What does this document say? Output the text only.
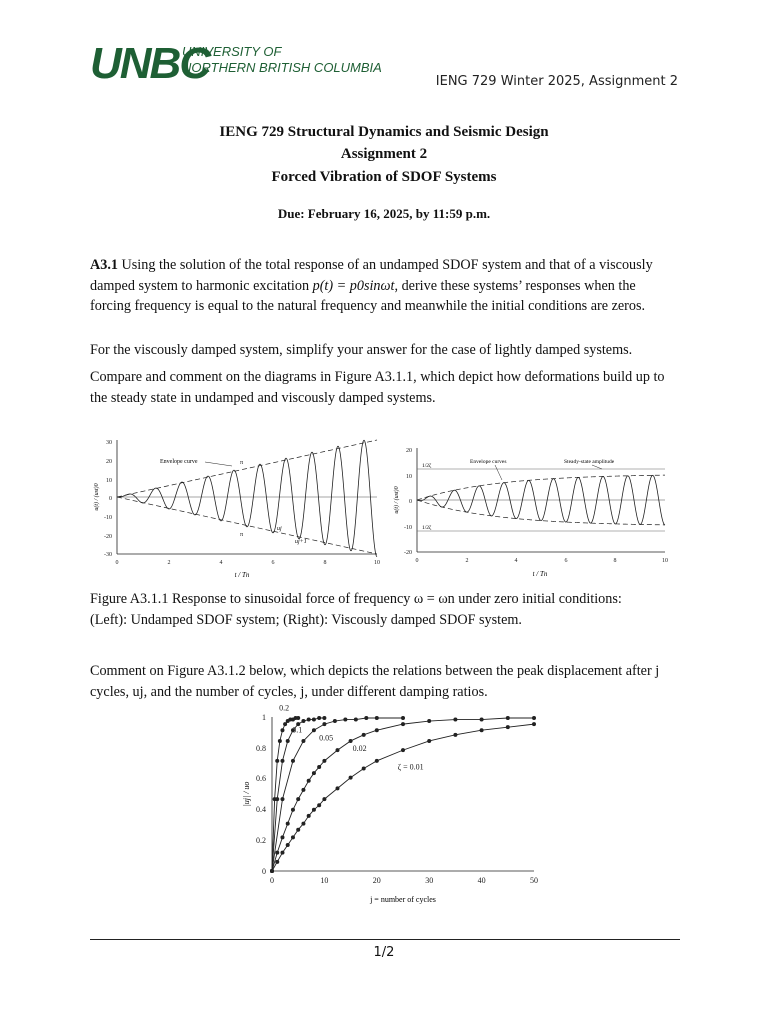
UNBC
UNIVERSITY OF
NORTHERN BRITISH COLUMBIA
IENG 729 Winter 2025, Assignment 2
IENG 729 Structural Dynamics and Seismic Design
Assignment 2
Forced Vibration of SDOF Systems
Due: February 16, 2025, by 11:59 p.m.
A3.1 Using the solution of the total response of an undamped SDOF system and that of a viscously damped system to harmonic excitation p(t) = p0sinωt, derive these systems’ responses when the forcing frequency is equal to the natural frequency and meanwhile the initial conditions are zeros.
For the viscously damped system, simplify your answer for the case of lightly damped systems.
Compare and comment on the diagrams in Figure A3.1.1, which depict how deformations build up to the steady state in undamped and viscously damped systems.
30
20
10
0
-10
-20
-30
0	2	4	6	8	10
t / Tn
u(t) / (ust)0
Envelope curve	π
π
uj
uj+1
20
10
0
-10
-20
0	2	4	6	8	10
t / Tn
u(t) / (ust)0
1/2ζ
1/2ζ
Envelope curves	Steady-state amplitude
Figure A3.1.1 Response to sinusoidal force of frequency ω = ωn under zero initial conditions:
(Left): Undamped SDOF system; (Right): Viscously damped SDOF system.
Comment on Figure A3.1.2 below, which depicts the relations between the peak displacement after j cycles, uj, and the number of cycles, j, under different damping ratios.
0
0.2
0.4
0.6
0.8
1
0	10	20	30	40	50
j = number of cycles
|uj| / uo
0.2
0.1
0.05
0.02
ζ = 0.01
1/2
